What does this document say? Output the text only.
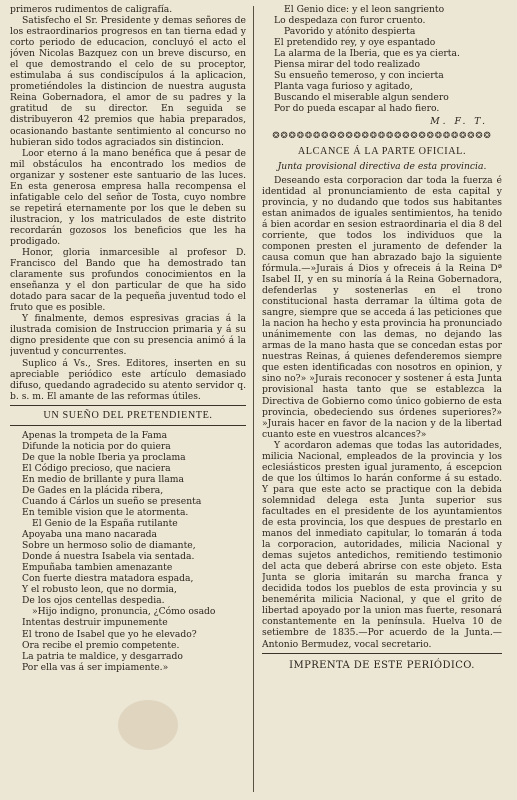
primeros rudimentos de caligrafía.

Satisfecho el Sr. Presidente y demas señores de los estraordinarios progresos en tan tierna edad y corto periodo de educacion, concluyó el acto el jóven Nicolas Bazquez con un breve discurso, en el que demostrando el celo de su proceptor, estimulaba á sus condiscípulos á la aplicacion, prometiéndoles la distincion de nuestra augusta Reina Gobernadora, el amor de su padres y la gratitud de su director. En seguida se distribuyeron 42 premios que habia preparados, ocasionando bastante sentimiento al concurso no hubieran sido todos agraciados sin distincion.

Loor eterno á la mano benéfica que á pesar de mil obstáculos ha encontrado los medios de organizar y sostener este santuario de las luces. En esta generosa empresa halla recompensa el infatigable celo del señor de Tosta, cuyo nombre se repetirá eternamente por los que le deben su ilustracion, y los matriculados de este distrito recordarán gozosos los beneficios que les ha prodigado.

Honor, gloria inmarcesible al profesor D. Francisco del Bando que ha demostrado tan claramente sus profundos conocimientos en la enseñanza y el don particular de que ha sido dotado para sacar de la pequeña juventud todo el fruto que es posible.

Y finalmente, demos espresivas gracias á la ilustrada comision de Instruccion primaria y á su digno presidente que con su presencia animó á la juventud y concurrentes.

Suplico á Vs., Sres. Editores, inserten en su apreciable periódico este artículo demasiado difuso, quedando agradecido su atento servidor q. b. s. m. El amante de las reformas útiles.

UN SUEÑO DEL PRETENDIENTE.

Apenas la trompeta de la Fama

Difunde la noticia por do quiera

De que la noble Iberia ya proclama

El Código precioso, que naciera

En medio de brillante y pura llama

De Gades en la plácida ribera,

Cuando á Cárlos un sueño se presenta

En temible vision que le atormenta.

El Genio de la España rutilante

Apoyaba una mano nacarada

Sobre un hermoso solio de diamante,

Donde á nuestra Isabela via sentada.

Empuñaba tambien amenazante

Con fuerte diestra matadora espada,

Y el robusto leon, que no dormia,

De los ojos centellas despedia.

»Hijo indigno, pronuncia, ¿Cómo osado

Intentas destruir impunemente

El trono de Isabel que yo he elevado?

Ora recibe el premio competente.

La patria te maldice, y desgarrado

Por ella vas á ser impiamente.»

El Genio dice: y el leon sangriento

Lo despedaza con furor cruento.

Pavorido y atónito despierta

El pretendido rey, y oye espantado

La alarma de la Iberia, que es ya cierta.

Piensa mirar del todo realizado

Su ensueño temeroso, y con incierta

Planta vaga furioso y agitado,

Buscando el miserable algun sendero

Por do pueda escapar al hado fiero.

M. F. T.

❂❂❂❂❂❂❂❂❂❂❂❂❂❂❂❂❂❂❂❂❂❂❂❂❂❂❂
ALCANCE Á LA PARTE OFICIAL.

Junta provisional directiva de esta provincia.

Deseando esta corporacion dar toda la fuerza é identidad al pronunciamiento de esta capital y provincia, y no dudando que todos sus habitantes estan animados de iguales sentimientos, ha tenido á bien acordar en sesion estraordinaria el dia 8 del corriente, que todos los individuos que la componen presten el juramento de defender la causa comun que han abrazado bajo la siguiente fórmula.—»Jurais á Dios y ofreceis á la Reina Dª Isabel II, y en su minoría á la Reina Gobernadora, defenderlas y sostenerlas en el trono constitucional hasta derramar la última gota de sangre, siempre que se acceda á las peticiones que la nacion ha hecho y esta provincia ha pronunciado unánimemente con las demas, no dejando las armas de la mano hasta que se concedan estas por nuestras Reinas, á quienes defenderemos siempre que esten identificadas con nosotros en opinion, y sino no?» »Jurais reconocer y sostener á esta Junta provisional hasta tanto que se establezca la Directiva de Gobierno como único gobierno de esta provincia, obedeciendo sus órdenes superiores?» »Jurais hacer en favor de la nacion y de la libertad cuanto este en vuestros alcances?»

Y acordaron ademas que todas las autoridades, milicia Nacional, empleados de la provincia y los eclesiásticos presten igual juramento, á escepcion de que los últimos lo harán conforme á su estado. Y para que este acto se practique con la debida solemnidad delega esta Junta superior sus facultades en el presidente de los ayuntamientos de esta provincia, los que despues de prestarlo en manos del inmediato capitular, lo tomarán á toda la corporacion, autoridades, milicia Nacional y demas sujetos antedichos, remitiendo testimonio del acta que deberá abrirse con este objeto. Esta Junta se gloria imitarán su marcha franca y decidida todos los pueblos de esta provincia y su benemérita milicia Nacional, y que el grito de libertad apoyado por la union mas fuerte, resonará constantemente en la península. Huelva 10 de setiembre de 1835.—Por acuerdo de la Junta.—Antonio Bermudez, vocal secretario.

IMPRENTA DE ESTE PERIÓDICO.
